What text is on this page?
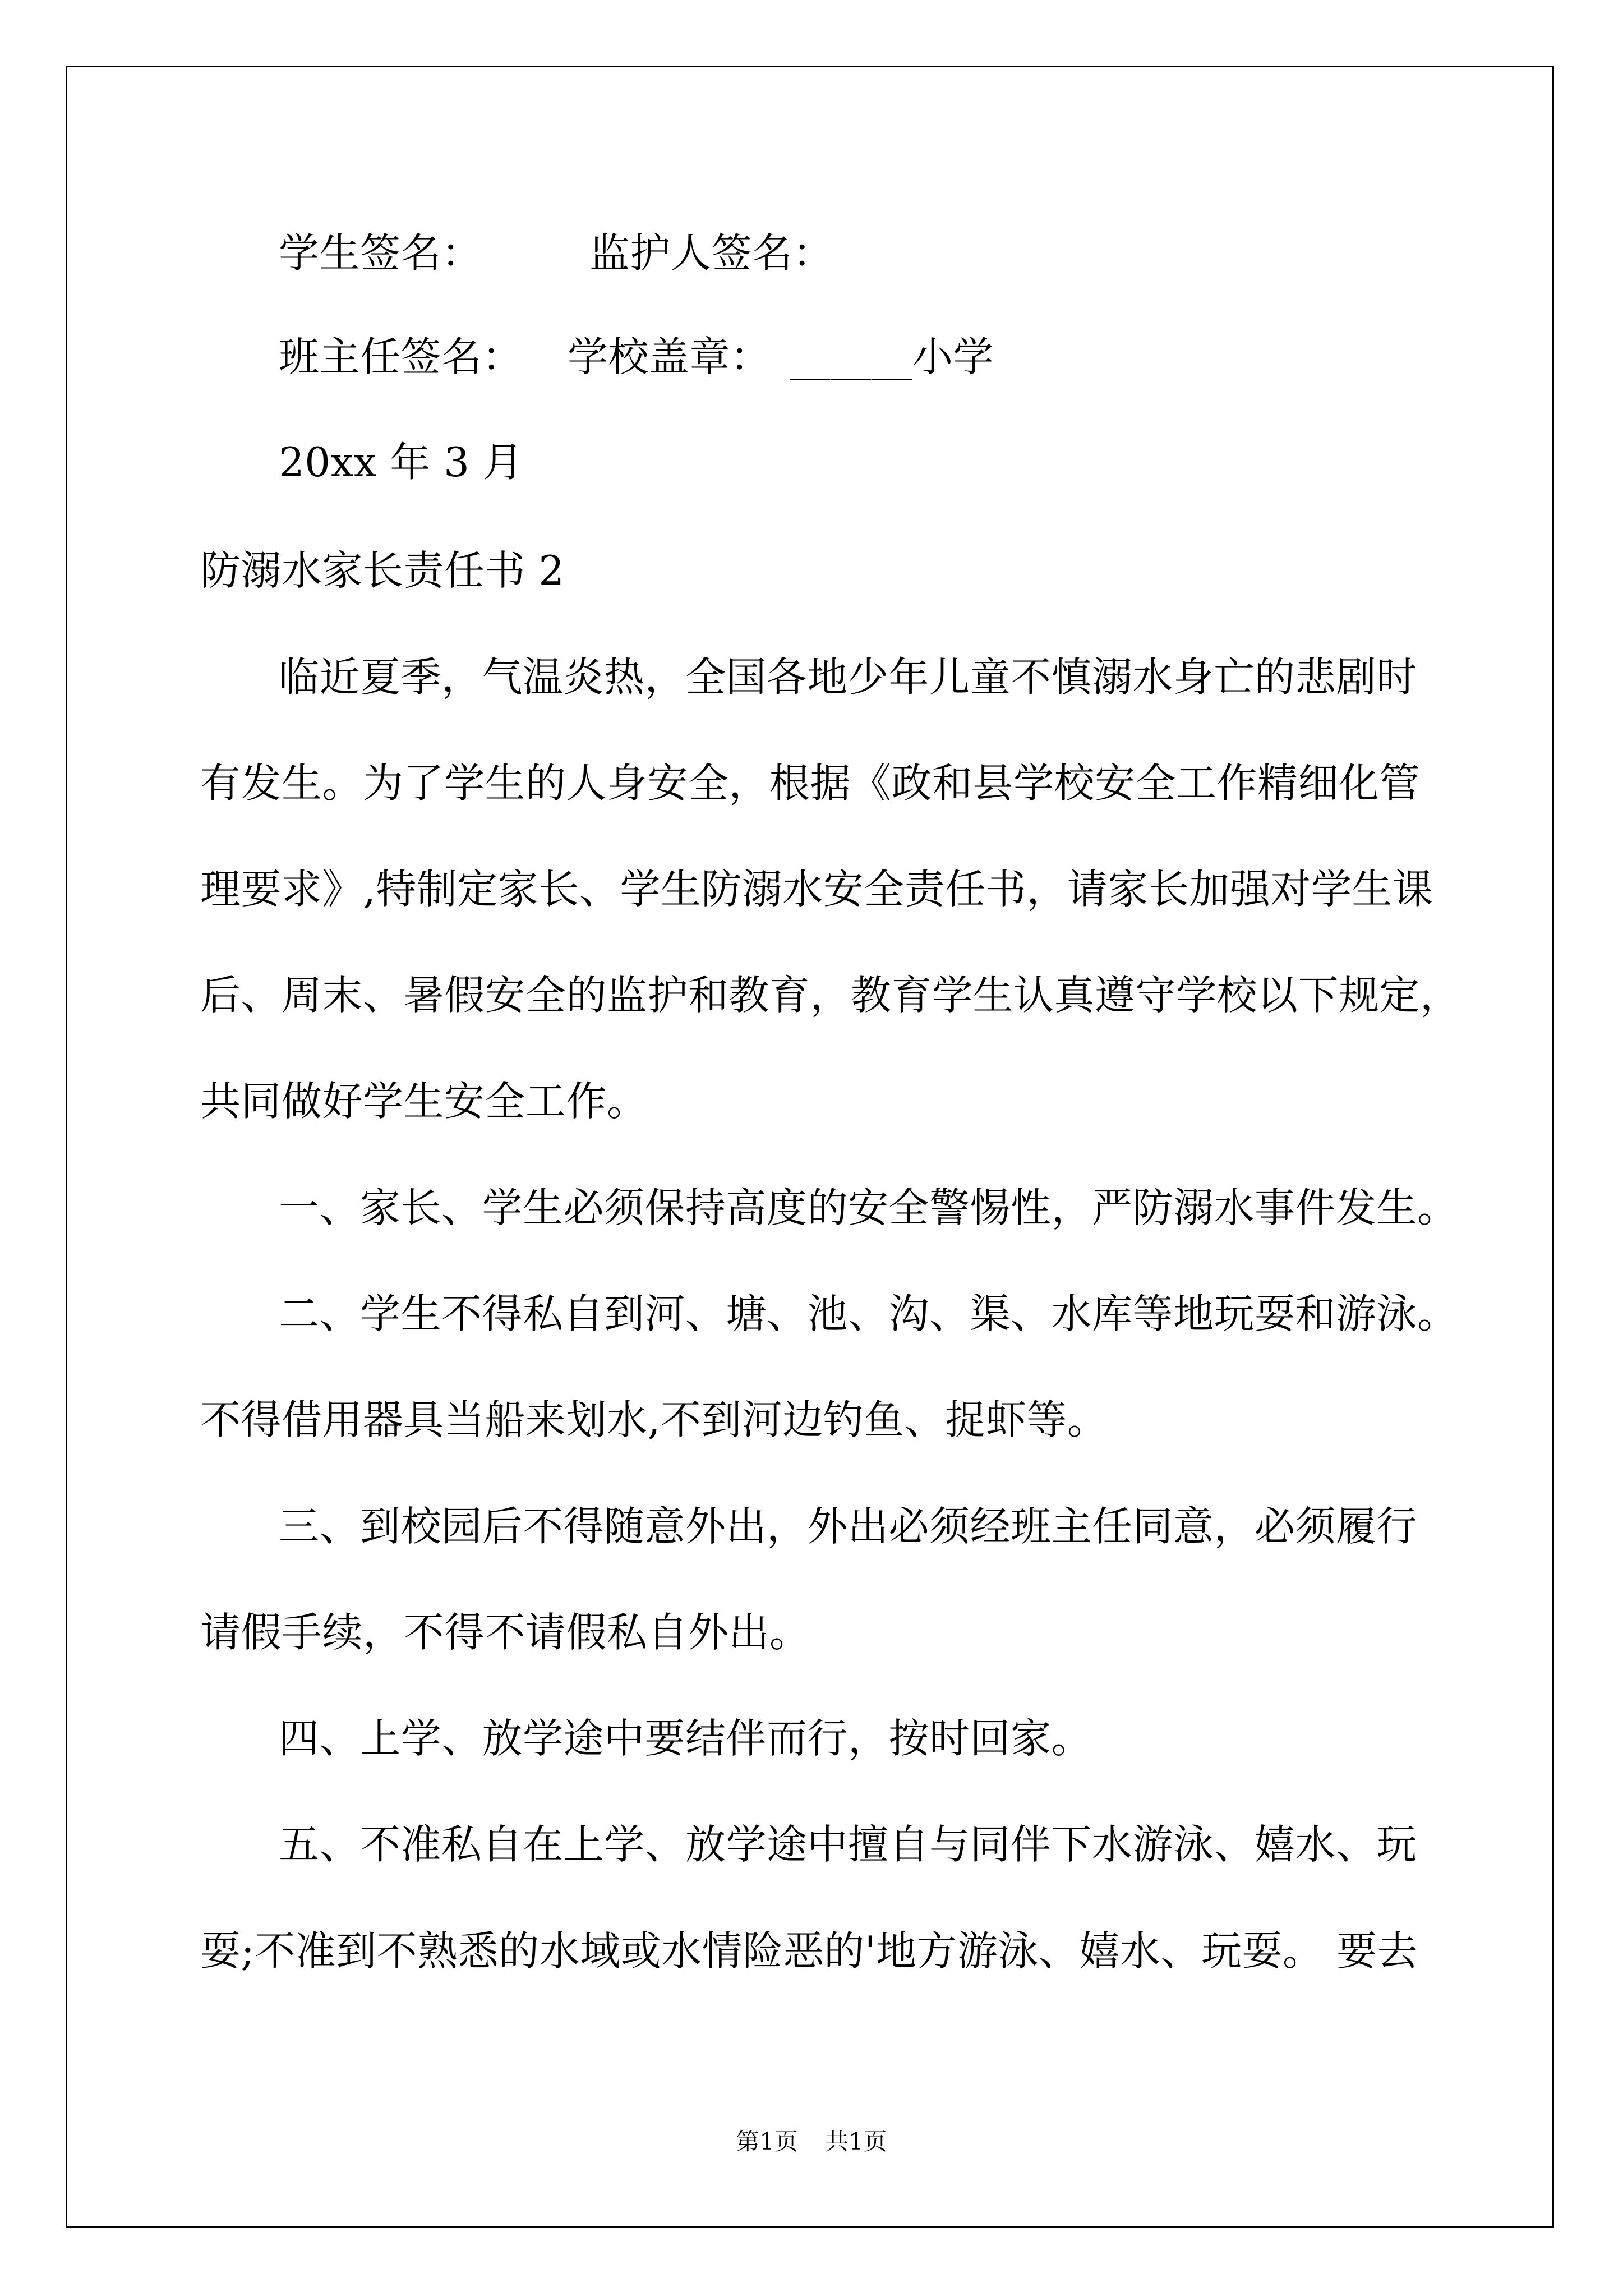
学生签名：	监护人签名：
班主任签名： 学校盖章： ______小学
20xx 年 3 月
防溺水家长责任书 2
临近夏季，气温炎热，全国各地少年儿童不慎溺水身亡的悲剧时
有发生。为了学生的人身安全，根据《政和县学校安全工作精细化管
理要求》,特制定家长、学生防溺水安全责任书，请家长加强对学生课
后、周末、暑假安全的监护和教育，教育学生认真遵守学校以下规定，
共同做好学生安全工作。
一、家长、学生必须保持高度的安全警惕性，严防溺水事件发生。
二、学生不得私自到河、塘、池、沟、渠、水库等地玩耍和游泳。
不得借用器具当船来划水,不到河边钓鱼、捉虾等。
三、到校园后不得随意外出，外出必须经班主任同意，必须履行
请假手续，不得不请假私自外出。
四、上学、放学途中要结伴而行，按时回家。
五、不准私自在上学、放学途中擅自与同伴下水游泳、嬉水、玩
耍;不准到不熟悉的水域或水情险恶的'地方游泳、嬉水、玩耍。 要去
第1页 共1页
